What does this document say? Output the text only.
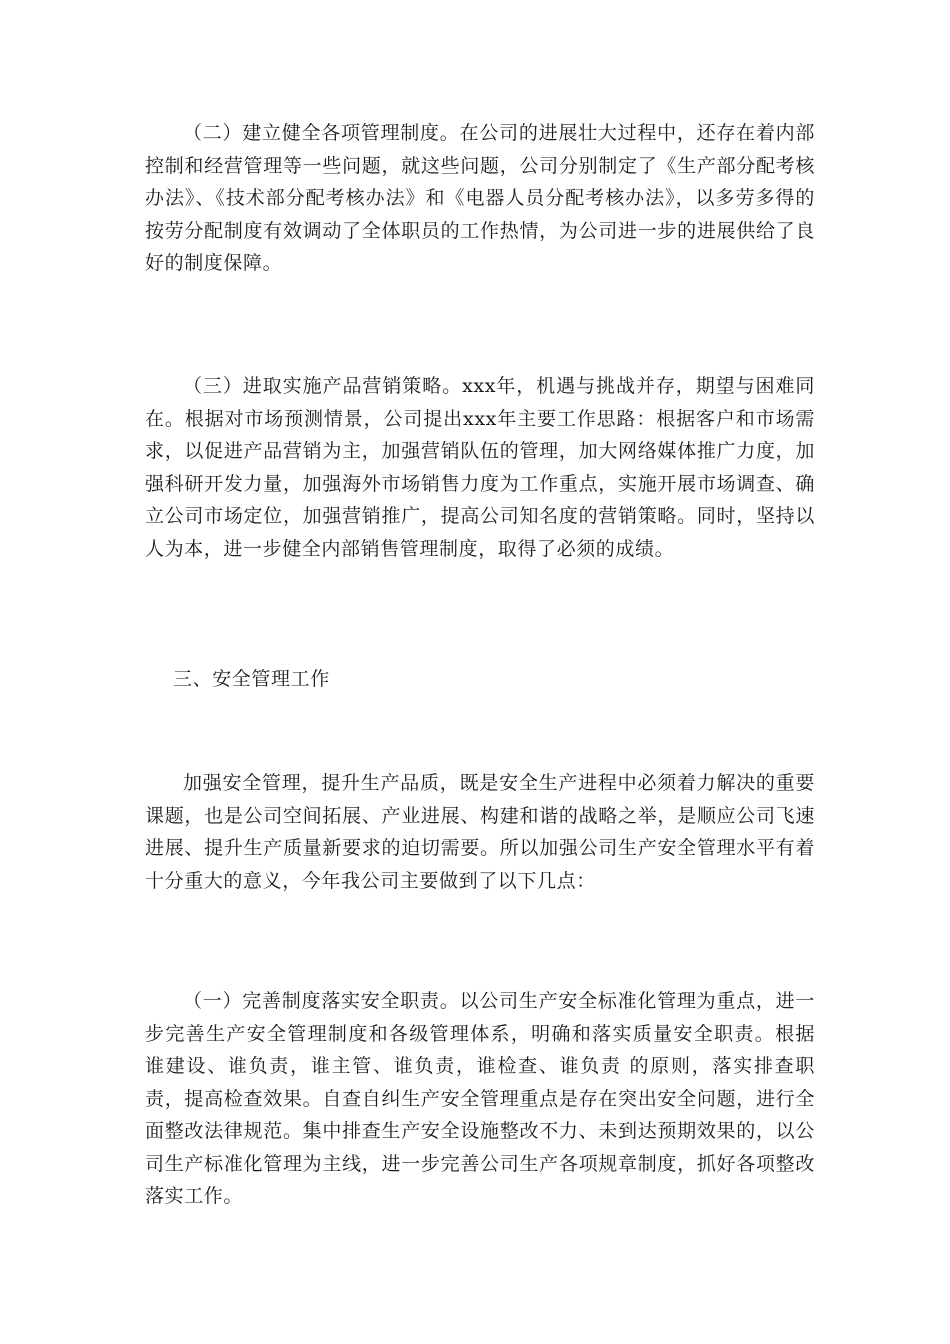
（二）建立健全各项管理制度。在公司的进展壮大过程中，还存在着内部控制和经营管理等一些问题，就这些问题，公司分别制定了《生产部分配考核办法》、《技术部分配考核办法》和《电器人员分配考核办法》，以多劳多得的按劳分配制度有效调动了全体职员的工作热情，为公司进一步的进展供给了良好的制度保障。

（三）进取实施产品营销策略。xxx年，机遇与挑战并存，期望与困难同在。根据对市场预测情景，公司提出xxx年主要工作思路：根据客户和市场需求，以促进产品营销为主，加强营销队伍的管理，加大网络媒体推广力度，加强科研开发力量，加强海外市场销售力度为工作重点，实施开展市场调查、确立公司市场定位，加强营销推广，提高公司知名度的营销策略。同时，坚持以人为本，进一步健全内部销售管理制度，取得了必须的成绩。

三、安全管理工作

加强安全管理，提升生产品质，既是安全生产进程中必须着力解决的重要课题，也是公司空间拓展、产业进展、构建和谐的战略之举，是顺应公司飞速进展、提升生产质量新要求的迫切需要。所以加强公司生产安全管理水平有着十分重大的意义，今年我公司主要做到了以下几点：

（一）完善制度落实安全职责。以公司生产安全标准化管理为重点，进一步完善生产安全管理制度和各级管理体系，明确和落实质量安全职责。根据 谁建设、谁负责，谁主管、谁负责，谁检查、谁负责 的原则，落实排查职责，提高检查效果。自查自纠生产安全管理重点是存在突出安全问题，进行全面整改法律规范。集中排查生产安全设施整改不力、未到达预期效果的，以公司生产标准化管理为主线，进一步完善公司生产各项规章制度，抓好各项整改落实工作。
